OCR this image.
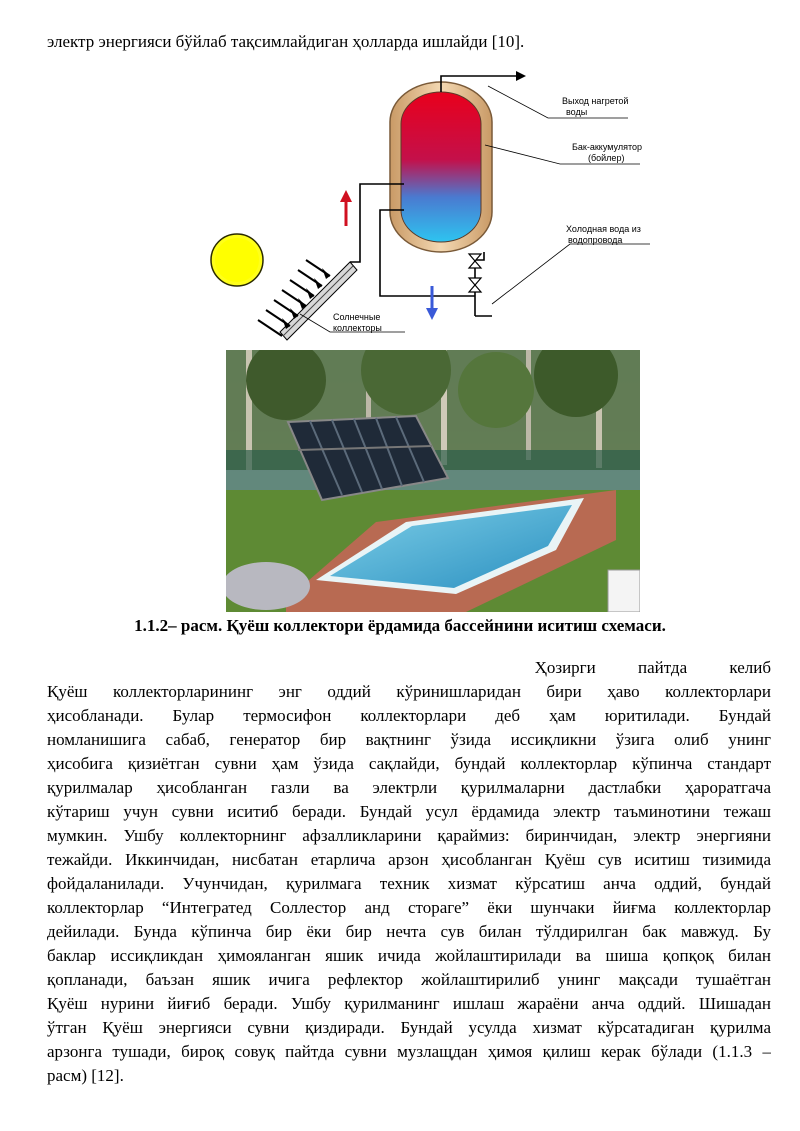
электр энергияси бўйлаб тақсимлайдиган ҳолларда ишлайди [10].
Выход нагретой воды
Бак-аккумулятор (бойлер)
Холодная вода из водопровода
Солнечные коллекторы
1.1.2– расм. Қуёш коллектори ёрдамида бассейнини иситиш схемаси.
Ҳозирги пайтда келиб
Қуёш коллекторларининг энг оддий кўринишларидан бири ҳаво коллекторлари
ҳисобланади. Булар термосифон коллекторлари деб ҳам юритилади. Бундай
номланишига сабаб, генератор бир вақтнинг ўзида иссиқликни ўзига олиб унинг
ҳисобига қизиётган сувни ҳам ўзида сақлайди, бундай коллекторлар кўпинча стандарт
қурилмалар ҳисобланган газли ва электрли қурилмаларни дастлабки ҳароратгача
кўтариш учун сувни иситиб беради. Бундай усул ёрдамида электр таъминотини тежаш
мумкин. Ушбу коллекторнинг афзалликларини қараймиз: биринчидан, электр энергияни
тежайди. Иккинчидан, нисбатан етарлича арзон ҳисобланган Қуёш сув иситиш тизимида
фойдаланилади. Учунчидан, қурилмага техник хизмат кўрсатиш анча оддий, бундай
коллекторлар “Интегратед Соллестор анд стораге” ёки шунчаки йиғма коллекторлар
дейилади. Бунда кўпинча бир ёки бир нечта сув билан тўлдирилган бак мавжуд. Бу
баклар иссиқликдан ҳимояланган яшик ичида жойлаштирилади ва шиша қопқоқ билан
қопланади, баъзан яшик ичига рефлектор жойлаштирилиб унинг мақсади тушаётган
Қуёш нурини йиғиб беради. Ушбу қурилманинг ишлаш жараёни анча оддий. Шишадан
ўтган Қуёш энергияси сувни қиздиради. Бундай усулда хизмат кўрсатадиган қурилма
арзонга тушади, бироқ совуқ пайтда сувни музлащдан ҳимоя қилиш керак бўлади (1.1.3 –
расм) [12].
